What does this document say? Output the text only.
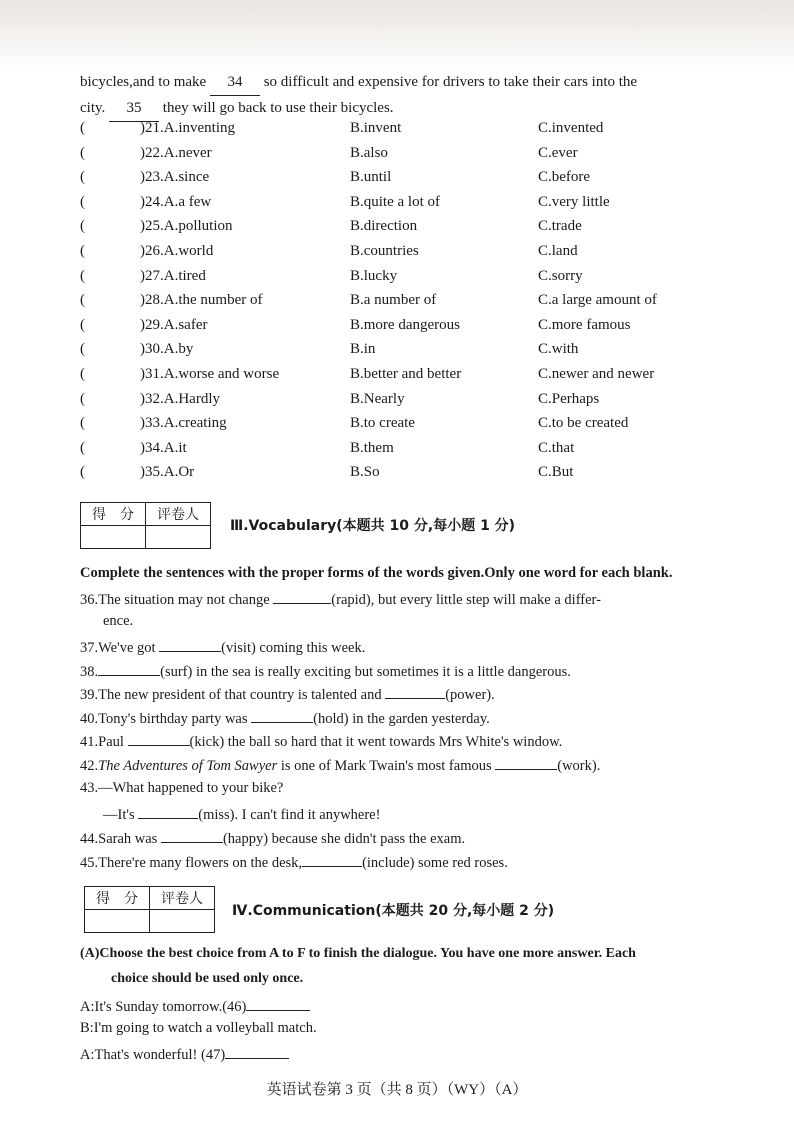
bicycles,and to make 34 so difficult and expensive for drivers to take their cars into the
city. 35 they will go back to use their bicycles.
(	)21.A.inventing	B.invent	C.invented
(	)22.A.never	B.also	C.ever
(	)23.A.since	B.until	C.before
(	)24.A.a few	B.quite a lot of	C.very little
(	)25.A.pollution	B.direction	C.trade
(	)26.A.world	B.countries	C.land
(	)27.A.tired	B.lucky	C.sorry
(	)28.A.the number of	B.a number of	C.a large amount of
(	)29.A.safer	B.more dangerous	C.more famous
(	)30.A.by	B.in	C.with
(	)31.A.worse and worse	B.better and better	C.newer and newer
(	)32.A.Hardly	B.Nearly	C.Perhaps
(	)33.A.creating	B.to create	C.to be created
(	)34.A.it	B.them	C.that
(	)35.A.Or	B.So	C.But
得　分	评卷人

Ⅲ.Vocabulary(本题共 10 分,每小题 1 分)
Complete the sentences with the proper forms of the words given.Only one word for each blank.
36.The situation may not change	(rapid), but every little step will make a differ-
ence.
37.We've got	(visit) coming this week.
38.	(surf) in the sea is really exciting but sometimes it is a little dangerous.
39.The new president of that country is talented and	(power).
40.Tony's birthday party was	(hold) in the garden yesterday.
41.Paul	(kick) the ball so hard that it went towards Mrs White's window.
42.The Adventures of Tom Sawyer is one of Mark Twain's most famous	(work).
43.—What happened to your bike?
—It's	(miss). I can't find it anywhere!
44.Sarah was	(happy) because she didn't pass the exam.
45.There're many flowers on the desk,	(include) some red roses.
得　分	评卷人

Ⅳ.Communication(本题共 20 分,每小题 2 分)
(A)Choose the best choice from A to F to finish the dialogue. You have one more answer. Each
choice should be used only once.
A:It's Sunday tomorrow.(46)
B:I'm going to watch a volleyball match.
A:That's wonderful! (47)
英语试卷第 3 页（共 8 页）（WY）（A）
